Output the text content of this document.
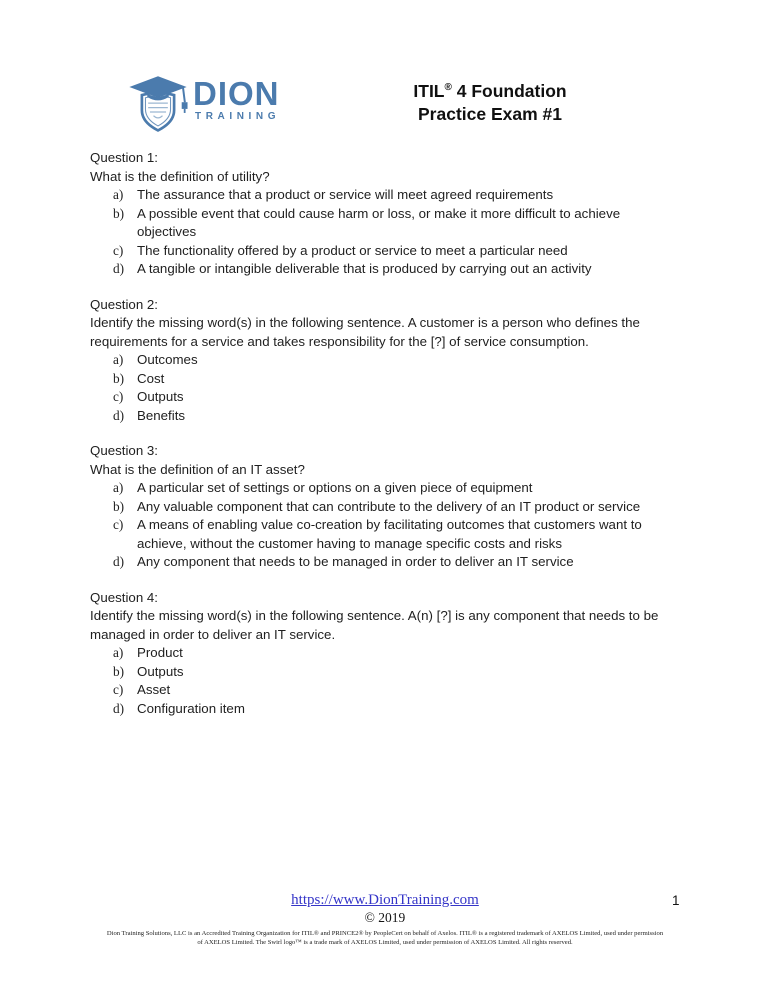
DION
TRAINING
ITIL® 4 Foundation
Practice Exam #1
Question 1:
What is the definition of utility?
a)	The assurance that a product or service will meet agreed requirements
b) A possible event that could cause harm or loss, or make it more difficult to achieve objectives
c)	The functionality offered by a product or service to meet a particular need
d) A tangible or intangible deliverable that is produced by carrying out an activity
Question 2:
Identify the missing word(s) in the following sentence. A customer is a person who defines the requirements for a service and takes responsibility for the [?] of service consumption.
a)	Outcomes
b) Cost
c)	Outputs
d) Benefits
Question 3:
What is the definition of an IT asset?
a)	A particular set of settings or options on a given piece of equipment
b) Any valuable component that can contribute to the delivery of an IT product or service
c)	A means of enabling value co-creation by facilitating outcomes that customers want to achieve, without the customer having to manage specific costs and risks
d) Any component that needs to be managed in order to deliver an IT service
Question 4:
Identify the missing word(s) in the following sentence. A(n) [?] is any component that needs to be managed in order to deliver an IT service.
a)	Product
b) Outputs
c)	Asset
d) Configuration item
https://www.DionTraining.com
© 2019
Dion Training Solutions, LLC is an Accredited Training Organization for ITIL® and PRINCE2® by PeopleCert on behalf of Axelos. ITIL® is a registered trademark of AXELOS Limited, used under permission of AXELOS Limited. The Swirl logo™ is a trade mark of AXELOS Limited, used under permission of AXELOS Limited. All rights reserved.
1
